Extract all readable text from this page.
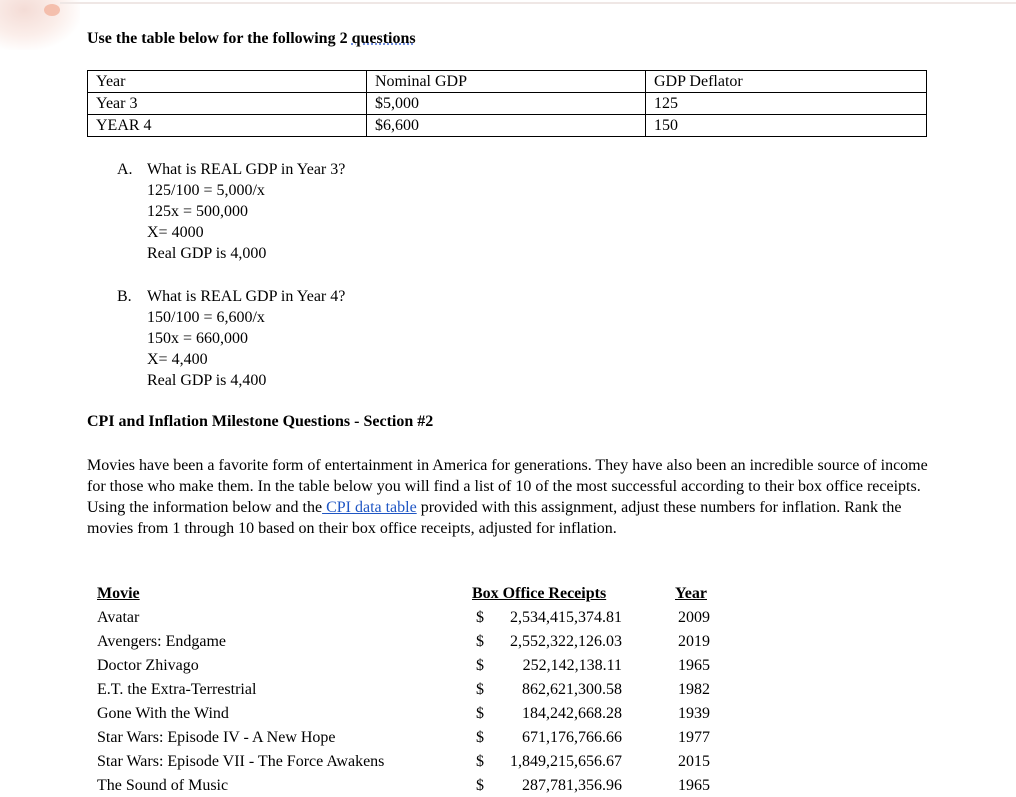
Use the table below for the following 2 questions
Year	Nominal GDP	GDP Deflator
Year 3	$5,000	125
YEAR 4	$6,600	150
A. What is REAL GDP in Year 3?
125/100 = 5,000/x
125x = 500,000
X= 4000
Real GDP is 4,000
B. What is REAL GDP in Year 4?
150/100 = 6,600/x
150x = 660,000
X= 4,400
Real GDP is 4,400
CPI and Inflation Milestone Questions - Section #2
Movies have been a favorite form of entertainment in America for generations. They have also been an incredible source of income for those who make them. In the table below you will find a list of 10 of the most successful according to their box office receipts. Using the information below and the CPI data table provided with this assignment, adjust these numbers for inflation. Rank the movies from 1 through 10 based on their box office receipts, adjusted for inflation.
Movie	Box Office Receipts	Year
Avatar	$ 2,534,415,374.81	2009
Avengers: Endgame	$ 2,552,322,126.03	2019
Doctor Zhivago	$ 252,142,138.11	1965
E.T. the Extra-Terrestrial	$ 862,621,300.58	1982
Gone With the Wind	$ 184,242,668.28	1939
Star Wars: Episode IV - A New Hope	$ 671,176,766.66	1977
Star Wars: Episode VII - The Force Awakens	$ 1,849,215,656.67	2015
The Sound of Music	$ 287,781,356.96	1965
